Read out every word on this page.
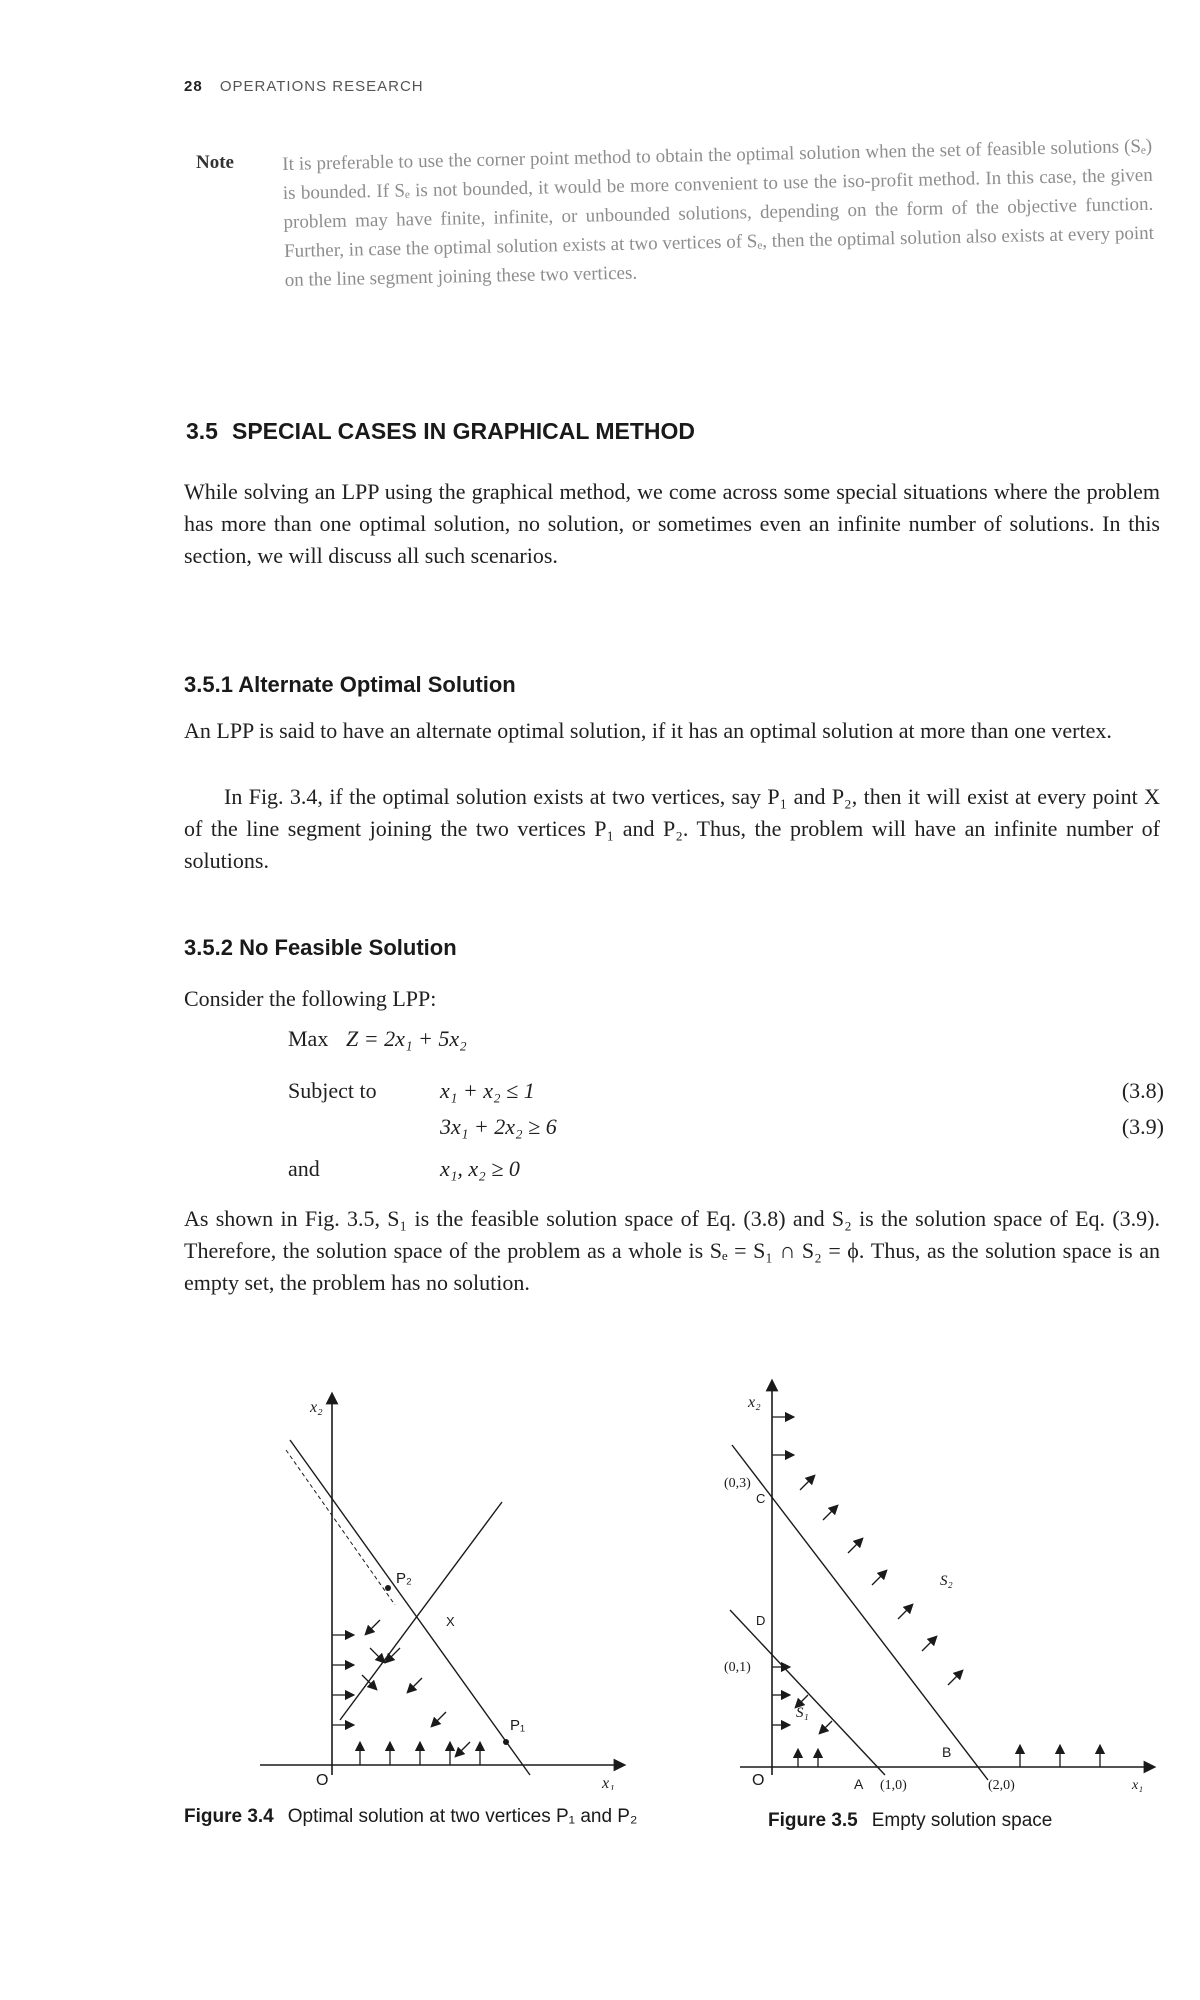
28 OPERATIONS RESEARCH
Note	It is preferable to use the corner point method to obtain the optimal solution when the set of feasible solutions (Sₑ) is bounded. If Sₑ is not bounded, it would be more convenient to use the iso-profit method. In this case, the given problem may have finite, infinite, or unbounded solutions, depending on the form of the objective function. Further, in case the optimal solution exists at two vertices of Sₑ, then the optimal solution also exists at every point on the line segment joining these two vertices.
3.5 SPECIAL CASES IN GRAPHICAL METHOD
While solving an LPP using the graphical method, we come across some special situations where the problem has more than one optimal solution, no solution, or sometimes even an infinite number of solutions. In this section, we will discuss all such scenarios.
3.5.1 Alternate Optimal Solution
An LPP is said to have an alternate optimal solution, if it has an optimal solution at more than one vertex.
In Fig. 3.4, if the optimal solution exists at two vertices, say P₁ and P₂, then it will exist at every point X of the line segment joining the two vertices P₁ and P₂. Thus, the problem will have an infinite number of solutions.
3.5.2 No Feasible Solution
Consider the following LPP:
Max Z = 2x₁ + 5x₂
Subject to	x₁ + x₂ ≤ 1	(3.8)
3x₁ + 2x₂ ≥ 6	(3.9)
and	x₁, x₂ ≥ 0
As shown in Fig. 3.5, S₁ is the feasible solution space of Eq. (3.8) and S₂ is the solution space of Eq. (3.9). Therefore, the solution space of the problem as a whole is Sₑ = S₁ ∩ S₂ = ϕ. Thus, as the solution space is an empty set, the problem has no solution.
x₂
x₁
O
P₂
P₁
X
Figure 3.4 Optimal solution at two vertices P₁ and P₂
x₂
x₁
O
(0,3)
C
D
(0,1)
A (1,0)
B
(2,0)
S₁
S₂
Figure 3.5 Empty solution space
